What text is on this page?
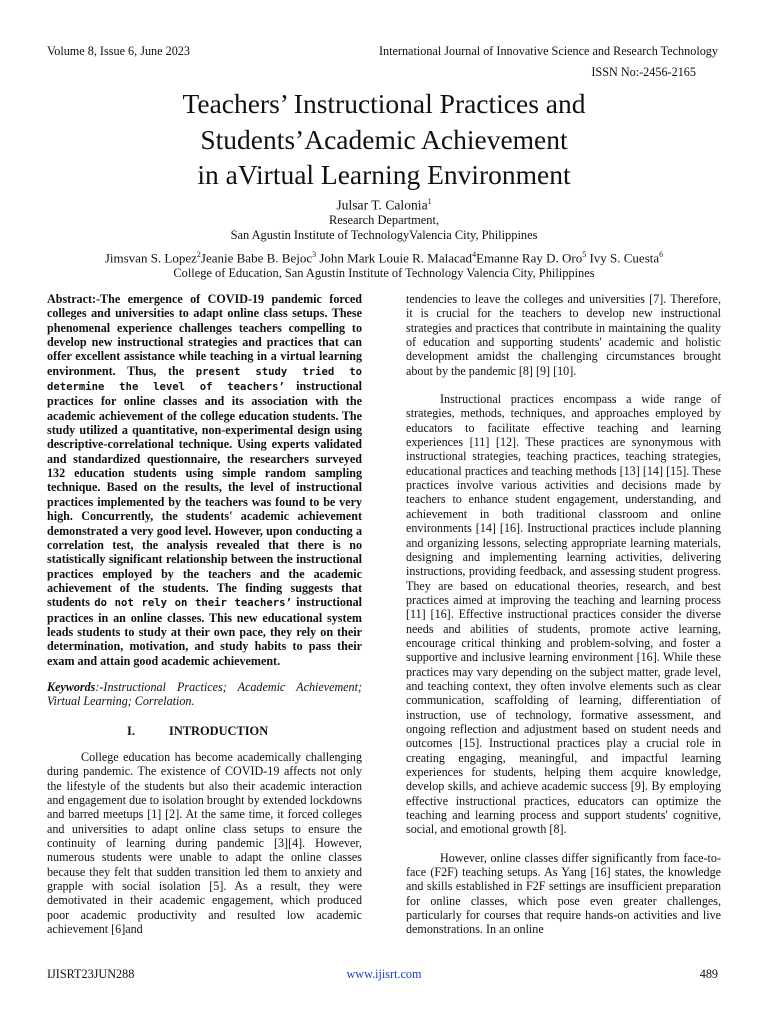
Volume 8, Issue 6, June 2023	International Journal of Innovative Science and Research Technology
ISSN No:-2456-2165
Teachers’ Instructional Practices and
Students’Academic Achievement
in aVirtual Learning Environment
Julsar T. Calonia$^1$
Research Department,
San Agustin Institute of TechnologyValencia City, Philippines
Jimsvan S. Lopez$^2$Jeanie Babe B. Bejoc$^3$ John Mark Louie R. Malacad$^4$Emanne Ray D. Oro$^5$ Ivy S. Cuesta$^6$
College of Education, San Agustin Institute of Technology Valencia City, Philippines

Abstract:-The emergence of COVID-19 pandemic forced colleges and universities to adapt online class setups. These phenomenal experience challenges teachers compelling to develop new instructional strategies and practices that can offer excellent assistance while teaching in a virtual learning environment. Thus, the present study tried to determine the level of teachers’ instructional practices for online classes and its association with the academic achievement of the college education students. The study utilized a quantitative, non-experimental design using descriptive-correlational technique. Using experts validated and standardized questionnaire, the researchers surveyed 132 education students using simple random sampling technique. Based on the results, the level of instructional practices implemented by the teachers was found to be very high. Concurrently, the students' academic achievement demonstrated a very good level. However, upon conducting a correlation test, the analysis revealed that there is no statistically significant relationship between the instructional practices employed by the teachers and the academic achievement of the students. The finding suggests that students do not rely on their teachers’ instructional practices in an online classes. This new educational system leads students to study at their own pace, they rely on their determination, motivation, and study habits to pass their exam and attain good academic achievement.

Keywords:-Instructional Practices; Academic Achievement; Virtual Learning; Correlation.

I.	INTRODUCTION

College education has become academically challenging during pandemic. The existence of COVID-19 affects not only the lifestyle of the students but also their academic interaction and engagement due to isolation brought by extended lockdowns and barred meetups [1] [2]. At the same time, it forced colleges and universities to adapt online class setups to ensure the continuity of learning during pandemic [3][4]. However, numerous students were unable to adapt the online classes because they felt that sudden transition led them to anxiety and grapple with social isolation [5]. As a result, they were demotivated in their academic engagement, which produced poor academic productivity and resulted low academic achievement [6]and

tendencies to leave the colleges and universities [7]. Therefore, it is crucial for the teachers to develop new instructional strategies and practices that contribute in maintaining the quality of education and supporting students' academic and holistic development amidst the challenging circumstances brought about by the pandemic [8] [9] [10].

Instructional practices encompass a wide range of strategies, methods, techniques, and approaches employed by educators to facilitate effective teaching and learning experiences [11] [12]. These practices are synonymous with instructional strategies, teaching practices, teaching strategies, educational practices and teaching methods [13] [14] [15]. These practices involve various activities and decisions made by teachers to enhance student engagement, understanding, and achievement in both traditional classroom and online environments [14] [16]. Instructional practices include planning and organizing lessons, selecting appropriate learning materials, designing and implementing learning activities, delivering instructions, providing feedback, and assessing student progress. They are based on educational theories, research, and best practices aimed at improving the teaching and learning process [11] [16]. Effective instructional practices consider the diverse needs and abilities of students, promote active learning, encourage critical thinking and problem-solving, and foster a supportive and inclusive learning environment [16]. While these practices may vary depending on the subject matter, grade level, and teaching context, they often involve elements such as clear communication, scaffolding of learning, differentiation of instruction, use of technology, formative assessment, and ongoing reflection and adjustment based on student needs and outcomes [15]. Instructional practices play a crucial role in creating engaging, meaningful, and impactful learning experiences for students, helping them acquire knowledge, develop skills, and achieve academic success [9]. By employing effective instructional practices, educators can optimize the teaching and learning process and support students' cognitive, social, and emotional growth [8].

However, online classes differ significantly from face-to-face (F2F) teaching setups. As Yang [16] states, the knowledge and skills established in F2F settings are insufficient preparation for online classes, which pose even greater challenges, particularly for courses that require hands-on activities and live demonstrations. In an online

IJISRT23JUN288	www.ijisrt.com	489
